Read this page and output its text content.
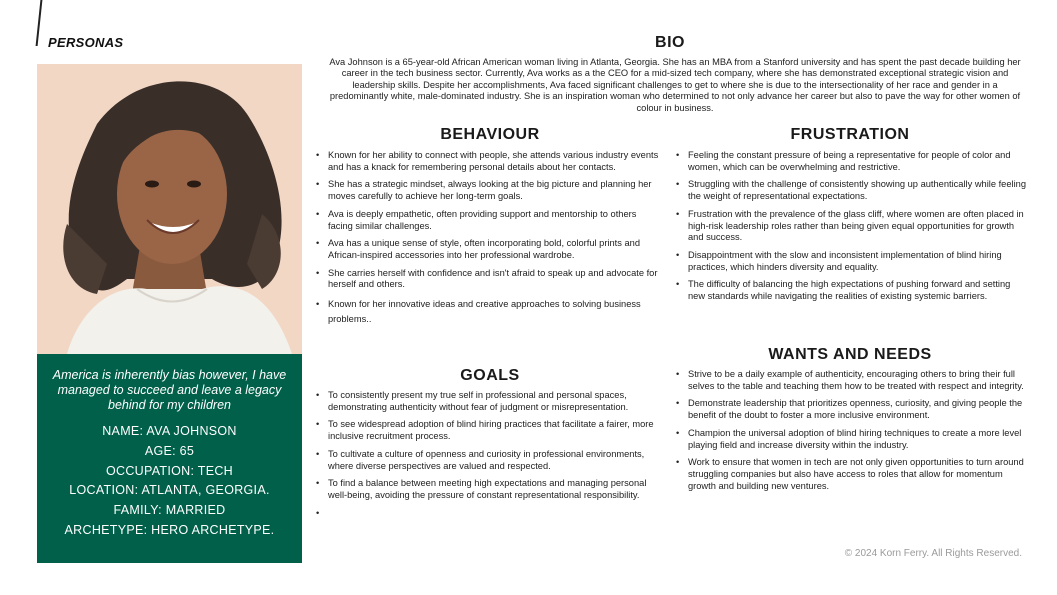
PERSONAS

America is inherently bias however, I have managed to succeed and leave a legacy behind for my children

NAME: AVA JOHNSON
AGE: 65
OCCUPATION: TECH
LOCATION: ATLANTA, GEORGIA.
FAMILY: MARRIED
ARCHETYPE: HERO ARCHETYPE.
BIO

Ava Johnson is a 65-year-old African American woman living in Atlanta, Georgia. She has an MBA from a Stanford university and has spent the past decade building her career in the tech business sector. Currently, Ava works as a the CEO for a mid-sized tech company, where she has demonstrated exceptional strategic vision and leadership skills. Despite her accomplishments, Ava faced significant challenges to get to where she is due to the intersectionality of her race and gender in a predominantly white, male-dominated industry. She is an inspiration woman who determined to not only advance her career but also to pave the way for other women of colour in business.

BEHAVIOUR
• Known for her ability to connect with people, she attends various industry events and has a knack for remembering personal details about her contacts.
• She has a strategic mindset, always looking at the big picture and planning her moves carefully to achieve her long-term goals.
• Ava is deeply empathetic, often providing support and mentorship to others facing similar challenges.
• Ava has a unique sense of style, often incorporating bold, colorful prints and African-inspired accessories into her professional wardrobe.
• She carries herself with confidence and isn't afraid to speak up and advocate for herself and others.
• Known for her innovative ideas and creative approaches to solving business problems..
FRUSTRATION
• Feeling the constant pressure of being a representative for people of color and women, which can be overwhelming and restrictive.
• Struggling with the challenge of consistently showing up authentically while feeling the weight of representational expectations.
• Frustration with the prevalence of the glass cliff, where women are often placed in high-risk leadership roles rather than being given equal opportunities for growth and success.
• Disappointment with the slow and inconsistent implementation of blind hiring practices, which hinders diversity and equality.
• The difficulty of balancing the high expectations of pushing forward and setting new standards while navigating the realities of existing systemic barriers.
GOALS
• To consistently present my true self in professional and personal spaces, demonstrating authenticity without fear of judgment or misrepresentation.
• To see widespread adoption of blind hiring practices that facilitate a fairer, more inclusive recruitment process.
• To cultivate a culture of openness and curiosity in professional environments, where diverse perspectives are valued and respected.
• To find a balance between meeting high expectations and managing personal well-being, avoiding the pressure of constant representational responsibility.
•
WANTS AND NEEDS
• Strive to be a daily example of authenticity, encouraging others to bring their full selves to the table and teaching them how to be treated with respect and integrity.
• Demonstrate leadership that prioritizes openness, curiosity, and giving people the benefit of the doubt to foster a more inclusive environment.
• Champion the universal adoption of blind hiring techniques to create a more level playing field and increase diversity within the industry.
• Work to ensure that women in tech are not only given opportunities to turn around struggling companies but also have access to roles that allow for momentum growth and building new ventures.
© 2024 Korn Ferry. All Rights Reserved.
